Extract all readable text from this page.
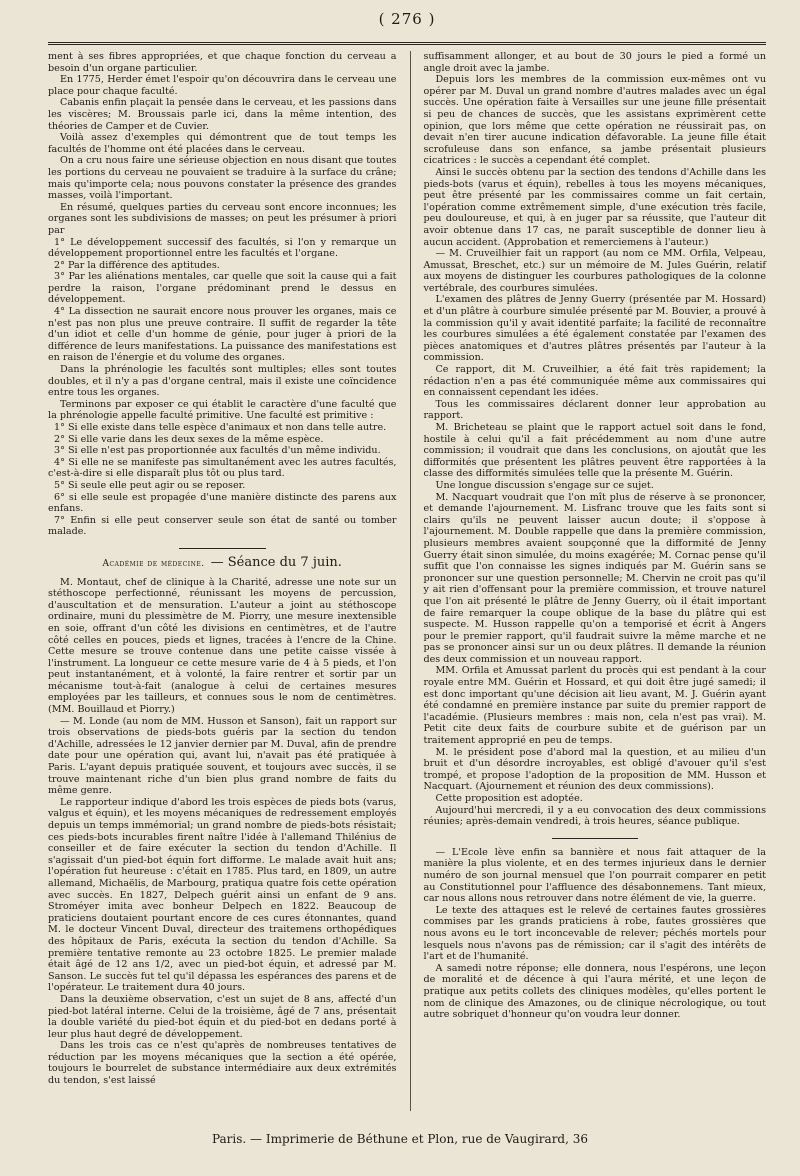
( 276 )

ment à ses fibres appropriées, et que chaque fonction du cerveau a besoin d'un organe particulier.

En 1775, Herder émet l'espoir qu'on découvrira dans le cerveau une place pour chaque faculté.

Cabanis enfin plaçait la pensée dans le cerveau, et les passions dans les viscères; M. Broussais parle ici, dans la même intention, des théories de Camper et de Cuvier.

Voilà assez d'exemples qui démontrent que de tout temps les facultés de l'homme ont été placées dans le cerveau.

On a cru nous faire une sérieuse objection en nous disant que toutes les portions du cerveau ne pouvaient se traduire à la surface du crâne; mais qu'importe cela; nous pouvons constater la présence des grandes masses, voilà l'important.

En résumé, quelques parties du cerveau sont encore inconnues; les organes sont les subdivisions de masses; on peut les présumer à priori par

1° Le développement successif des facultés, si l'on y remarque un développement proportionnel entre les facultés et l'organe.

2° Par la différence des aptitudes.

3° Par les aliénations mentales, car quelle que soit la cause qui a fait perdre la raison, l'organe prédominant prend le dessus en développement.

4° La dissection ne saurait encore nous prouver les organes, mais ce n'est pas non plus une preuve contraire. Il suffit de regarder la tête d'un idiot et celle d'un homme de génie, pour juger à priori de la différence de leurs manifestations. La puissance des manifestations est en raison de l'énergie et du volume des organes.

Dans la phrénologie les facultés sont multiples; elles sont toutes doubles, et il n'y a pas d'organe central, mais il existe une coïncidence entre tous les organes.

Terminons par exposer ce qui établit le caractère d'une faculté que la phrénologie appelle faculté primitive. Une faculté est primitive :

1° Si elle existe dans telle espèce d'animaux et non dans telle autre.

2° Si elle varie dans les deux sexes de la même espèce.

3° Si elle n'est pas proportionnée aux facultés d'un même individu.

4° Si elle ne se manifeste pas simultanément avec les autres facultés, c'est-à-dire si elle disparaît plus tôt ou plus tard.

5° Si seule elle peut agir ou se reposer.

6° si elle seule est propagée d'une manière distincte des parens aux enfans.

7° Enfin si elle peut conserver seule son état de santé ou tomber malade.

Académie de médecine. — Séance du 7 juin.

M. Montaut, chef de clinique à la Charité, adresse une note sur un stéthoscope perfectionné, réunissant les moyens de percussion, d'auscultation et de mensuration. L'auteur a joint au stéthoscope ordinaire, muni du plessimètre de M. Piorry, une mesure inextensible en soie, offrant d'un côté les divisions en centimètres, et de l'autre côté celles en pouces, pieds et lignes, tracées à l'encre de la Chine. Cette mesure se trouve contenue dans une petite caisse vissée à l'instrument. La longueur ce cette mesure varie de 4 à 5 pieds, et l'on peut instantanément, et à volonté, la faire rentrer et sortir par un mécanisme tout-à-fait (analogue à celui de certaines mesures employées par les tailleurs, et connues sous le nom de centimètres. (MM. Bouillaud et Piorry.)

— M. Londe (au nom de MM. Husson et Sanson), fait un rapport sur trois observations de pieds-bots guéris par la section du tendon d'Achille, adressées le 12 janvier dernier par M. Duval, afin de prendre date pour une opération qui, avant lui, n'avait pas été pratiquée à Paris. L'ayant depuis pratiquée souvent, et toujours avec succès, il se trouve maintenant riche d'un bien plus grand nombre de faits du même genre.

Le rapporteur indique d'abord les trois espèces de pieds bots (varus, valgus et équin), et les moyens mécaniques de redressement employés depuis un temps immémorial; un grand nombre de pieds-bots résistait; ces pieds-bots incurables firent naître l'idée à l'allemand Thilénius de conseiller et de faire exécuter la section du tendon d'Achille. Il s'agissait d'un pied-bot équin fort difforme. Le malade avait huit ans; l'opération fut heureuse : c'était en 1785. Plus tard, en 1809, un autre allemand, Michaëlis, de Marbourg, pratiqua quatre fois cette opération avec succès. En 1827, Delpech guérit ainsi un enfant de 9 ans. Stroméyer imita avec bonheur Delpech en 1822. Beaucoup de praticiens doutaient pourtant encore de ces cures étonnantes, quand M. le docteur Vincent Duval, directeur des traitemens orthopédiques des hôpitaux de Paris, exécuta la section du tendon d'Achille. Sa première tentative remonte au 23 octobre 1825. Le premier malade était âgé de 12 ans 1/2, avec un pied-bot équin, et adressé par M. Sanson. Le succès fut tel qu'il dépassa les espérances des parens et de l'opérateur. Le traitement dura 40 jours.

Dans la deuxième observation, c'est un sujet de 8 ans, affecté d'un pied-bot latéral interne. Celui de la troisième, âgé de 7 ans, présentait la double variété du pied-bot équin et du pied-bot en dedans porté à leur plus haut degré de développement.

Dans les trois cas ce n'est qu'après de nombreuses tentatives de réduction par les moyens mécaniques que la section a été opérée, toujours le bourrelet de substance intermédiaire aux deux extrémités du tendon, s'est laissé

suffisamment allonger, et au bout de 30 jours le pied a formé un angle droit avec la jambe.

Depuis lors les membres de la commission eux-mêmes ont vu opérer par M. Duval un grand nombre d'autres malades avec un égal succès. Une opération faite à Versailles sur une jeune fille présentait si peu de chances de succès, que les assistans exprimèrent cette opinion, que lors même que cette opération ne réussirait pas, on devait n'en tirer aucune indication défavorable. La jeune fille était scrofuleuse dans son enfance, sa jambe présentait plusieurs cicatrices : le succès a cependant été complet.

Ainsi le succès obtenu par la section des tendons d'Achille dans les pieds-bots (varus et équin), rebelles à tous les moyens mécaniques, peut être présenté par les commissaires comme un fait certain, l'opération comme extrêmement simple, d'une exécution très facile, peu douloureuse, et qui, à en juger par sa réussite, que l'auteur dit avoir obtenue dans 17 cas, ne paraît susceptible de donner lieu à aucun accident. (Approbation et remerciemens à l'auteur.)

— M. Cruveilhier fait un rapport (au nom ce MM. Orfila, Velpeau, Amussat, Breschet, etc.) sur un mémoire de M. Jules Guérin, relatif aux moyens de distinguer les courbures pathologiques de la colonne vertébrale, des courbures simulées.

L'examen des plâtres de Jenny Guerry (présentée par M. Hossard) et d'un plâtre à courbure simulée présenté par M. Bouvier, a prouvé à la commission qu'il y avait identité parfaite; la facilité de reconnaître les courbures simulées a été également constatée par l'examen des pièces anatomiques et d'autres plâtres présentés par l'auteur à la commission.

Ce rapport, dit M. Cruveilhier, a été fait très rapidement; la rédaction n'en a pas été communiquée même aux commissaires qui en connaissent cependant les idées.

Tous les commissaires déclarent donner leur approbation au rapport.

M. Bricheteau se plaint que le rapport actuel soit dans le fond, hostile à celui qu'il a fait précédemment au nom d'une autre commission; il voudrait que dans les conclusions, on ajoutât que les difformités que présentent les plâtres peuvent être rapportées à la classe des difformités simulées telle que la présente M. Guérin.

Une longue discussion s'engage sur ce sujet.

M. Nacquart voudrait que l'on mît plus de réserve à se prononcer, et demande l'ajournement. M. Lisfranc trouve que les faits sont si clairs qu'ils ne peuvent laisser aucun doute; il s'oppose à l'ajournement. M. Double rappelle que dans la première commission, plusieurs membres avaient soupçonné que la difformité de Jenny Guerry était sinon simulée, du moins exagérée; M. Cornac pense qu'il suffit que l'on connaisse les signes indiqués par M. Guérin sans se prononcer sur une question personnelle; M. Chervin ne croit pas qu'il y ait rien d'offensant pour la première commission, et trouve naturel que l'on ait présenté le plâtre de Jenny Guerry, où il était important de faire remarquer la coupe oblique de la base du plâtre qui est suspecte. M. Husson rappelle qu'on a temporisé et écrit à Angers pour le premier rapport, qu'il faudrait suivre la même marche et ne pas se prononcer ainsi sur un ou deux plâtres. Il demande la réunion des deux commission et un nouveau rapport.

MM. Orfila et Amussat parlent du procès qui est pendant à la cour royale entre MM. Guérin et Hossard, et qui doit être jugé samedi; il est donc important qu'une décision ait lieu avant, M. J. Guérin ayant été condamné en première instance par suite du premier rapport de l'académie. (Plusieurs membres : mais non, cela n'est pas vrai). M. Petit cite deux faits de courbure subite et de guérison par un traitement approprié en peu de temps.

M. le président pose d'abord mal la question, et au milieu d'un bruit et d'un désordre incroyables, est obligé d'avouer qu'il s'est trompé, et propose l'adoption de la proposition de MM. Husson et Nacquart. (Ajournement et réunion des deux commissions).

Cette proposition est adoptée.

Aujourd'hui mercredi, il y a eu convocation des deux commissions réunies; après-demain vendredi, à trois heures, séance publique.

— L'Ecole lève enfin sa bannière et nous fait attaquer de la manière la plus violente, et en des termes injurieux dans le dernier numéro de son journal mensuel que l'on pourrait comparer en petit au Constitutionnel pour l'affluence des désabonnemens. Tant mieux, car nous allons nous retrouver dans notre élément de vie, la guerre.

Le texte des attaques est le relevé de certaines fautes grossières commises par les grands praticiens à robe, fautes grossières que nous avons eu le tort inconcevable de relever; péchés mortels pour lesquels nous n'avons pas de rémission; car il s'agit des intérêts de l'art et de l'humanité.

A samedi notre réponse; elle donnera, nous l'espérons, une leçon de moralité et de décence à qui l'aura mérité, et une leçon de pratique aux petits collets des cliniques modèles, qu'elles portent le nom de clinique des Amazones, ou de clinique nécrologique, ou tout autre sobriquet d'honneur qu'on voudra leur donner.

Paris. — Imprimerie de Béthune et Plon, rue de Vaugirard, 36
